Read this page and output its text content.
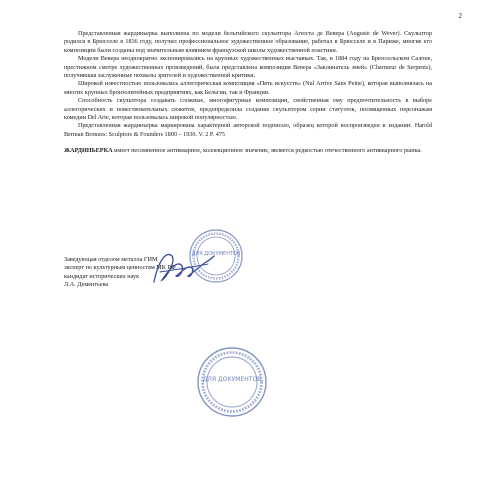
2

Представленная жардиньерка выполнена по модели бельгийского скульптора Агюста де Вевера (Auguste de Wever). Скульптор родился в Брюсселе в 1836 году, получил профессиональное художественное образование, работал в Брюсселе и в Париже, многие его композиции были созданы под значительным влиянием французской школы художественной пластики.

Модели Вевера неоднократно экспонировались на крупных художественных выставках. Так, в 1884 году на Брюссельском Салоне, престижном смотре художественных произведений, была представлена композиция Вевера «Заклинатель змей» (Charmeur de Serpents), получившая заслуженные похвалы зрителей и художественной критики.

Широкой известностью пользовалась аллегорическая композиция «Пять искусств» (Nul Arrive Sans Peine), которая выполнялась на многих крупных бронзолитейных предприятиях, как Бельгии, так и Франции.

Способность скульптора создавать сложные, многофигурные композиции, свойственная ему предпочтительность в выборе аллегорических и повествовательных сюжетов, предопределила создание скульптором серии статуэток, посвященных персонажам комедии Del Arte, которая пользовалась широкой популярностью.

Представленная жардиньерка маркирована характерной авторской подписью, образец которой воспроизведен в издании: Harold Berman Bronzes: Sculptors & Founders 1800 – 1930. V. 2 P. 475

ЖАРДИНЬЕРКА имеет несомненное антикварное, коллекционное значение, является редкостью отечественного антикварного рынка.

Заведующая отделом металла ГИМ
эксперт по культурным ценностям МК РФ
кандидат исторических наук
Л.А. Дементьева
ДЛЯ ДОКУМЕНТОВ
ДЛЯ ДОКУМЕНТОВ
